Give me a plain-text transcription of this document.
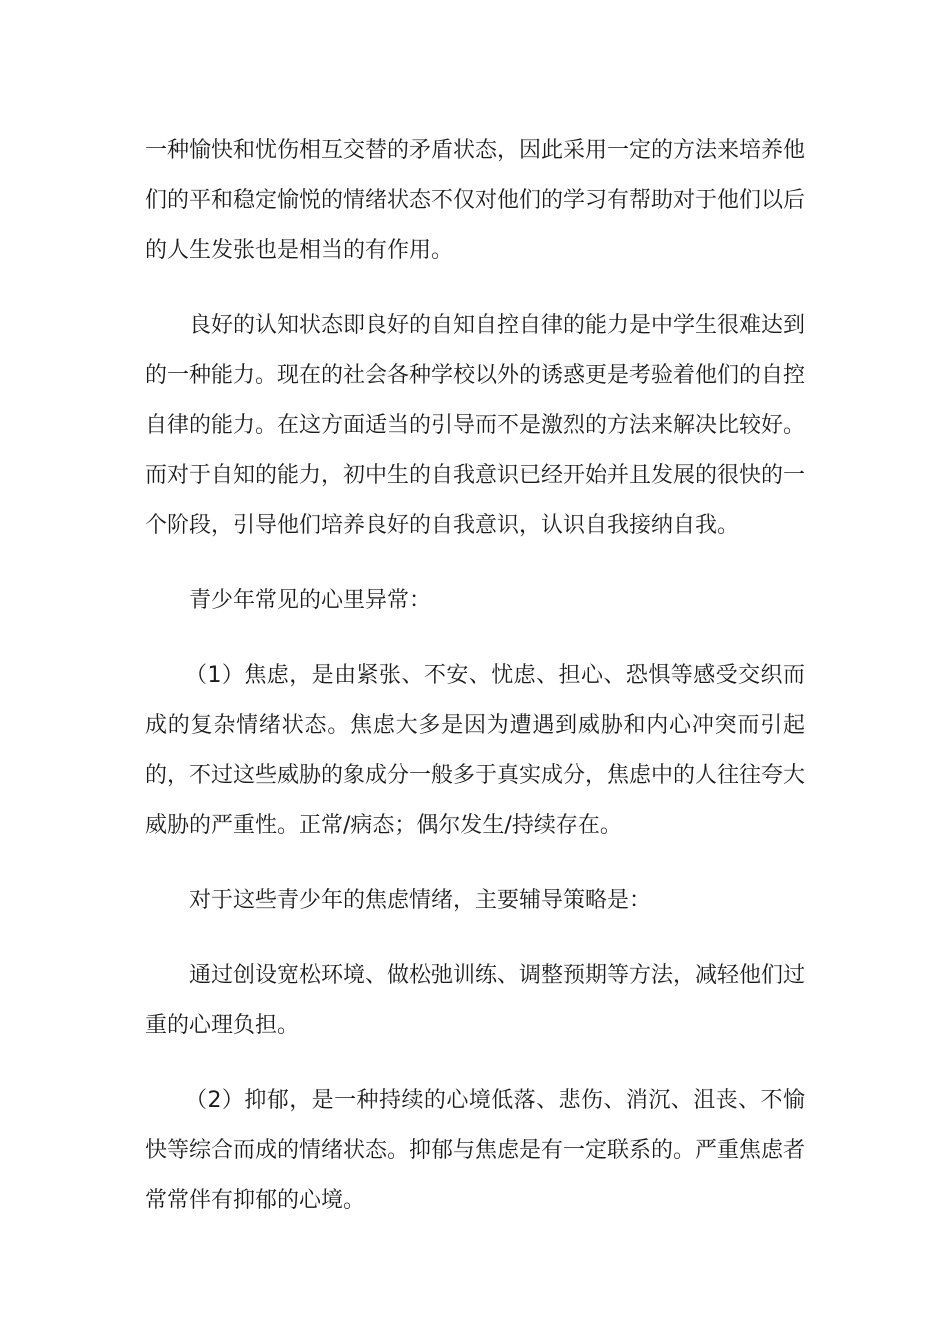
一种愉快和忧伤相互交替的矛盾状态，因此采用一定的方法来培养他们的平和稳定愉悦的情绪状态不仅对他们的学习有帮助对于他们以后的人生发张也是相当的有作用。

良好的认知状态即良好的自知自控自律的能力是中学生很难达到的一种能力。现在的社会各种学校以外的诱惑更是考验着他们的自控自律的能力。在这方面适当的引导而不是激烈的方法来解决比较好。而对于自知的能力，初中生的自我意识已经开始并且发展的很快的一个阶段，引导他们培养良好的自我意识，认识自我接纳自我。

青少年常见的心里异常：

（1）焦虑，是由紧张、不安、忧虑、担心、恐惧等感受交织而成的复杂情绪状态。焦虑大多是因为遭遇到威胁和内心冲突而引起的，不过这些威胁的象成分一般多于真实成分，焦虑中的人往往夸大威胁的严重性。正常/病态；偶尔发生/持续存在。

对于这些青少年的焦虑情绪，主要辅导策略是：

通过创设宽松环境、做松弛训练、调整预期等方法，减轻他们过重的心理负担。

（2）抑郁，是一种持续的心境低落、悲伤、消沉、沮丧、不愉快等综合而成的情绪状态。抑郁与焦虑是有一定联系的。严重焦虑者常常伴有抑郁的心境。
